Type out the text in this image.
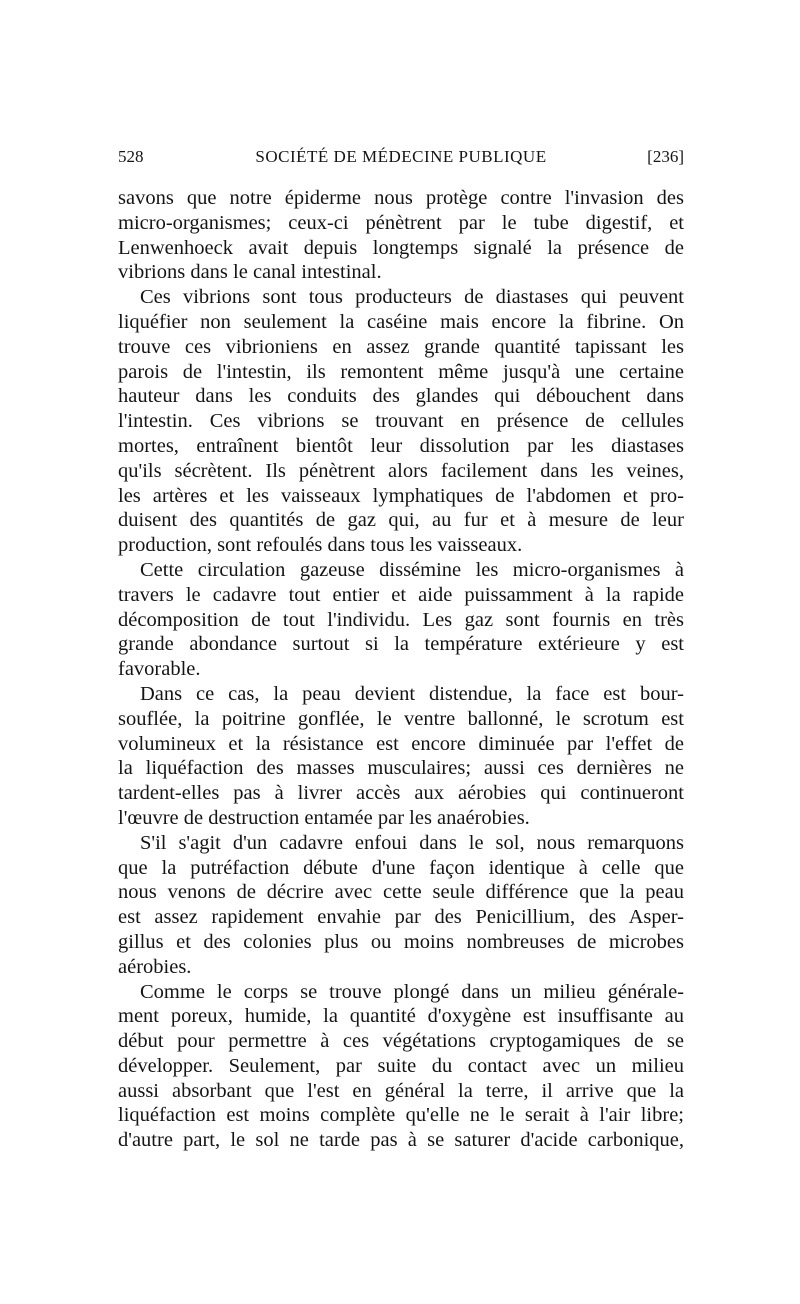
528	SOCIÉTÉ DE MÉDECINE PUBLIQUE	[236]
savons que notre épiderme nous protège contre l'invasion des
micro-organismes; ceux-ci pénètrent par le tube digestif, et
Lenwenhoeck avait depuis longtemps signalé la présence de
vibrions dans le canal intestinal.
Ces vibrions sont tous producteurs de diastases qui peuvent
liquéfier non seulement la caséine mais encore la fibrine. On
trouve ces vibrioniens en assez grande quantité tapissant les
parois de l'intestin, ils remontent même jusqu'à une certaine
hauteur dans les conduits des glandes qui débouchent dans
l'intestin. Ces vibrions se trouvant en présence de cellules
mortes, entraînent bientôt leur dissolution par les diastases
qu'ils sécrètent. Ils pénètrent alors facilement dans les veines,
les artères et les vaisseaux lymphatiques de l'abdomen et pro-
duisent des quantités de gaz qui, au fur et à mesure de leur
production, sont refoulés dans tous les vaisseaux.
Cette circulation gazeuse dissémine les micro-organismes à
travers le cadavre tout entier et aide puissamment à la rapide
décomposition de tout l'individu. Les gaz sont fournis en très
grande abondance surtout si la température extérieure y est
favorable.
Dans ce cas, la peau devient distendue, la face est bour-
souflée, la poitrine gonflée, le ventre ballonné, le scrotum est
volumineux et la résistance est encore diminuée par l'effet de
la liquéfaction des masses musculaires; aussi ces dernières ne
tardent-elles pas à livrer accès aux aérobies qui continueront
l'œuvre de destruction entamée par les anaérobies.
S'il s'agit d'un cadavre enfoui dans le sol, nous remarquons
que la putréfaction débute d'une façon identique à celle que
nous venons de décrire avec cette seule différence que la peau
est assez rapidement envahie par des Penicillium, des Asper-
gillus et des colonies plus ou moins nombreuses de microbes
aérobies.
Comme le corps se trouve plongé dans un milieu générale-
ment poreux, humide, la quantité d'oxygène est insuffisante au
début pour permettre à ces végétations cryptogamiques de se
développer. Seulement, par suite du contact avec un milieu
aussi absorbant que l'est en général la terre, il arrive que la
liquéfaction est moins complète qu'elle ne le serait à l'air libre;
d'autre part, le sol ne tarde pas à se saturer d'acide carbonique,
